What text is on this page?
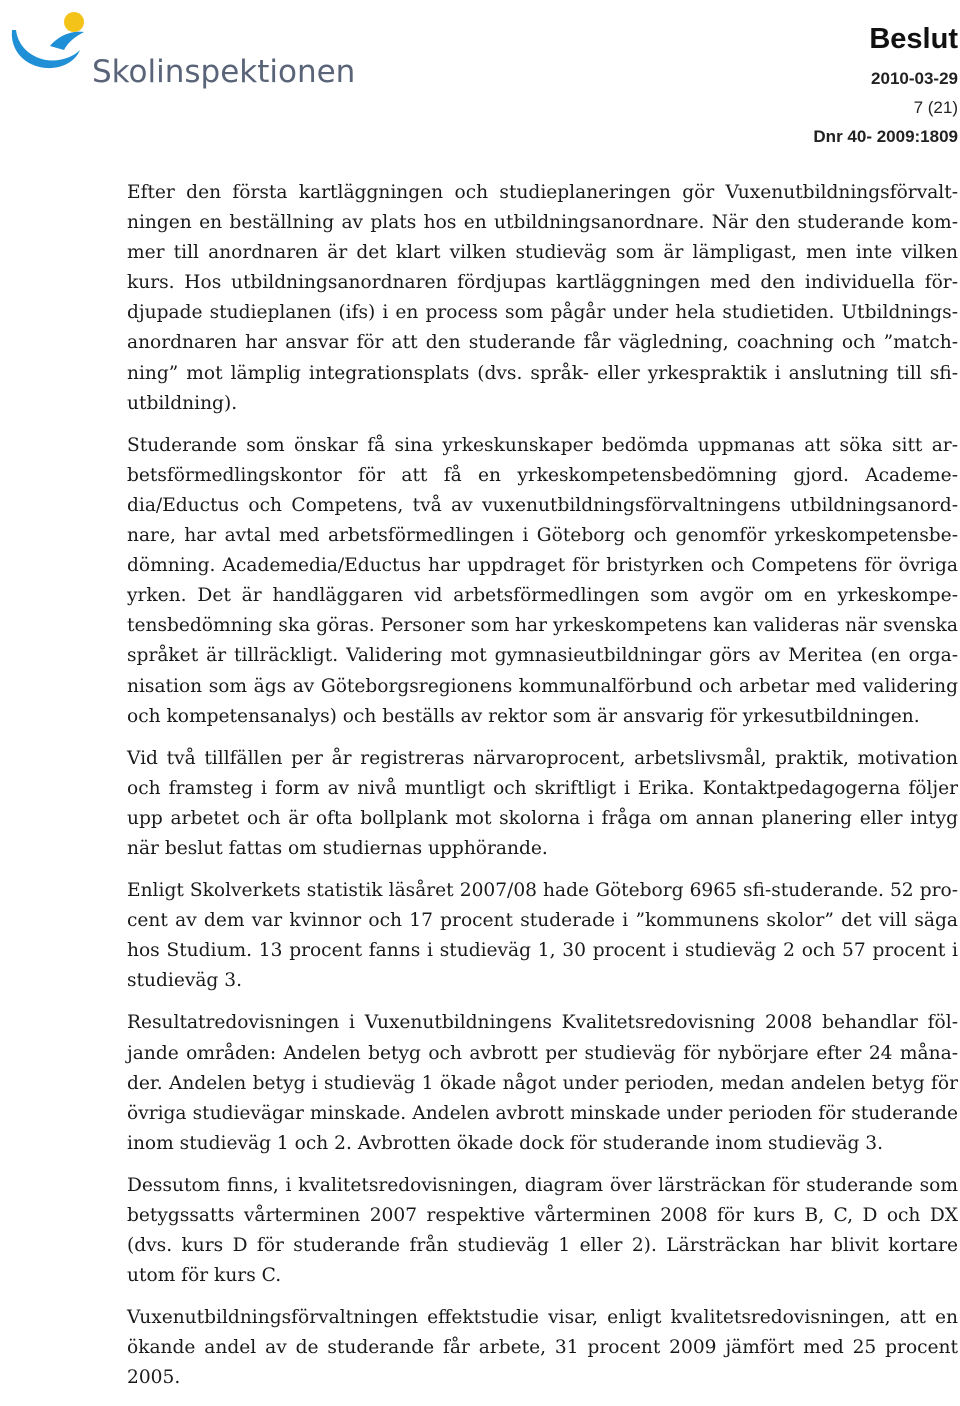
Skolinspektionen
Beslut
2010-03-29
7 (21)
Dnr 40- 2009:1809

Efter den första kartläggningen och studieplaneringen gör Vuxenutbildningsförvaltningen en beställning av plats hos en utbildningsanordnare. När den studerande kommer till anordnaren är det klart vilken studieväg som är lämpligast, men inte vilken kurs. Hos utbildningsanordnaren fördjupas kartläggningen med den individuella fördjupade studieplanen (ifs) i en process som pågår under hela studietiden. Utbildningsanordnaren har ansvar för att den studerande får vägledning, coachning och ”matchning” mot lämplig integrationsplats (dvs. språk- eller yrkespraktik i anslutning till sfiutbildning).

Studerande som önskar få sina yrkeskunskaper bedömda uppmanas att söka sitt arbetsförmedlingskontor för att få en yrkeskompetensbedömning gjord. Academedia/Eductus och Competens, två av vuxenutbildningsförvaltningens utbildningsanordnare, har avtal med arbetsförmedlingen i Göteborg och genomför yrkeskompetensbedömning. Academedia/Eductus har uppdraget för bristyrken och Competens för övriga yrken. Det är handläggaren vid arbetsförmedlingen som avgör om en yrkeskompetensbedömning ska göras. Personer som har yrkeskompetens kan valideras när svenska språket är tillräckligt. Validering mot gymnasieutbildningar görs av Meritea (en organisation som ägs av Göteborgsregionens kommunalförbund och arbetar med validering och kompetensanalys) och beställs av rektor som är ansvarig för yrkesutbildningen.

Vid två tillfällen per år registreras närvaroprocent, arbetslivsmål, praktik, motivation och framsteg i form av nivå muntligt och skriftligt i Erika. Kontaktpedagogerna följer upp arbetet och är ofta bollplank mot skolorna i fråga om annan planering eller intyg när beslut fattas om studiernas upphörande.

Enligt Skolverkets statistik läsåret 2007/08 hade Göteborg 6965 sfi-studerande. 52 procent av dem var kvinnor och 17 procent studerade i ”kommunens skolor” det vill säga hos Studium. 13 procent fanns i studieväg 1, 30 procent i studieväg 2 och 57 procent i studieväg 3.

Resultatredovisningen i Vuxenutbildningens Kvalitetsredovisning 2008 behandlar följande områden: Andelen betyg och avbrott per studieväg för nybörjare efter 24 månader. Andelen betyg i studieväg 1 ökade något under perioden, medan andelen betyg för övriga studievägar minskade. Andelen avbrott minskade under perioden för studerande inom studieväg 1 och 2. Avbrotten ökade dock för studerande inom studieväg 3.

Dessutom finns, i kvalitetsredovisningen, diagram över lärsträckan för studerande som betygssatts vårterminen 2007 respektive vårterminen 2008 för kurs B, C, D och DX (dvs. kurs D för studerande från studieväg 1 eller 2). Lärsträckan har blivit kortare utom för kurs C.

Vuxenutbildningsförvaltningen effektstudie visar, enligt kvalitetsredovisningen, att en ökande andel av de studerande får arbete, 31 procent 2009 jämfört med 25 procent 2005.
